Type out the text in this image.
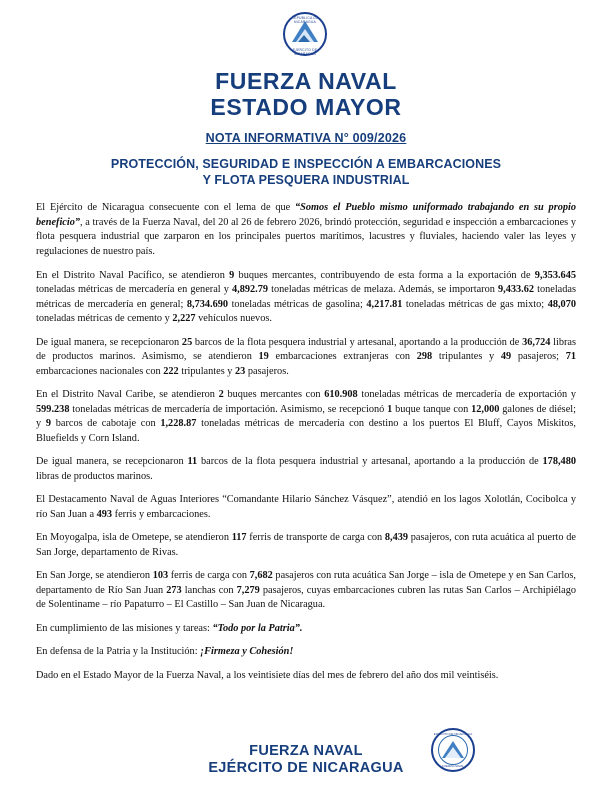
REPUBLICA DE NICARAGUA
EJERCITO DE NICARAGUA
FUERZA NAVAL
ESTADO MAYOR
NOTA INFORMATIVA N° 009/2026
PROTECCIÓN, SEGURIDAD E INSPECCIÓN A EMBARCACIONES
Y FLOTA PESQUERA INDUSTRIAL

El Ejército de Nicaragua consecuente con el lema de que “Somos el Pueblo mismo uniformado trabajando en su propio beneficio”, a través de la Fuerza Naval, del 20 al 26 de febrero 2026, brindó protección, seguridad e inspección a embarcaciones y flota pesquera industrial que zarparon en los principales puertos marítimos, lacustres y fluviales, haciendo valer las leyes y regulaciones de nuestro país.

En el Distrito Naval Pacífico, se atendieron 9 buques mercantes, contribuyendo de esta forma a la exportación de 9,353.645 toneladas métricas de mercadería en general y 4,892.79 toneladas métricas de melaza. Además, se importaron 9,433.62 toneladas métricas de mercadería en general; 8,734.690 toneladas métricas de gasolina; 4,217.81 toneladas métricas de gas mixto; 48,070 toneladas métricas de cemento y 2,227 vehículos nuevos.

De igual manera, se recepcionaron 25 barcos de la flota pesquera industrial y artesanal, aportando a la producción de 36,724 libras de productos marinos. Asimismo, se atendieron 19 embarcaciones extranjeras con 298 tripulantes y 49 pasajeros; 71 embarcaciones nacionales con 222 tripulantes y 23 pasajeros.

En el Distrito Naval Caribe, se atendieron 2 buques mercantes con 610.908 toneladas métricas de mercadería de exportación y 599.238 toneladas métricas de mercadería de importación. Asimismo, se recepcionó 1 buque tanque con 12,000 galones de diésel; y 9 barcos de cabotaje con 1,228.87 toneladas métricas de mercadería con destino a los puertos El Bluff, Cayos Miskitos, Bluefields y Corn Island.

De igual manera, se recepcionaron 11 barcos de la flota pesquera industrial y artesanal, aportando a la producción de 178,480 libras de productos marinos.

El Destacamento Naval de Aguas Interiores “Comandante Hilario Sánchez Vásquez”, atendió en los lagos Xolotlán, Cocibolca y río San Juan a 493 ferris y embarcaciones.

En Moyogalpa, isla de Ometepe, se atendieron 117 ferris de transporte de carga con 8,439 pasajeros, con ruta acuática al puerto de San Jorge, departamento de Rivas.

En San Jorge, se atendieron 103 ferris de carga con 7,682 pasajeros con ruta acuática San Jorge – isla de Ometepe y en San Carlos, departamento de Río San Juan 273 lanchas con 7,279 pasajeros, cuyas embarcaciones cubren las rutas San Carlos – Archipiélago de Solentiname – río Papaturro – El Castillo – San Juan de Nicaragua.

En cumplimiento de las misiones y tareas: “Todo por la Patria”.

En defensa de la Patria y la Institución: ¡Firmeza y Cohesión!

Dado en el Estado Mayor de la Fuerza Naval, a los veintisiete días del mes de febrero del año dos mil veintiséis.

FUERZA NAVAL
EJÉRCITO DE NICARAGUA
EJERCITO DE NICARAGUA
FUERZA NAVAL
